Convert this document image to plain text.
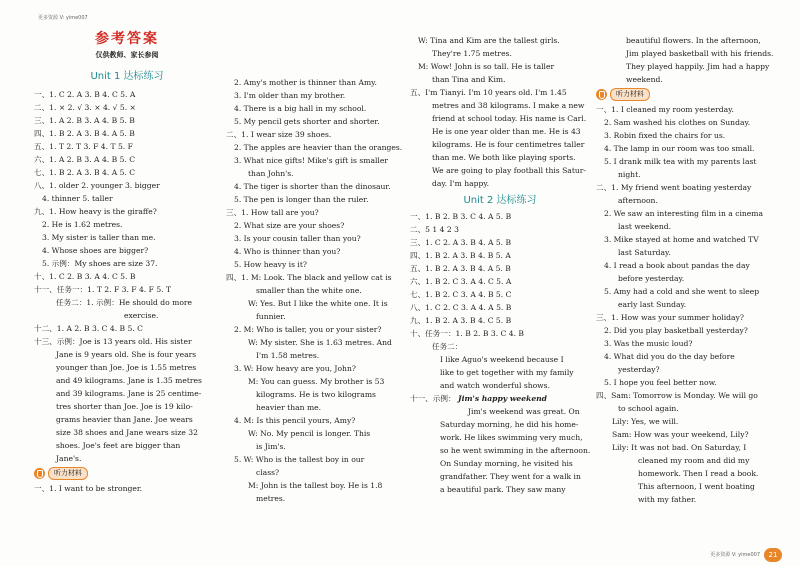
更多资源 V: yime007
参考答案
仅供教师、家长参阅
Unit 1 达标练习
一、1. C 2. A 3. B 4. C 5. A
二、1. × 2. √ 3. × 4. √ 5. ×
三、1. A 2. B 3. A 4. B 5. B
四、1. B 2. A 3. B 4. A 5. B
五、1. T 2. T 3. F 4. T 5. F
六、1. A 2. B 3. A 4. B 5. C
七、1. B 2. A 3. B 4. A 5. C
八、1. older 2. younger 3. bigger
4. thinner 5. taller
九、1. How heavy is the giraffe?
2. He is 1.62 metres.
3. My sister is taller than me.
4. Whose shoes are bigger?
5. 示例：My shoes are size 37.
十、1. C 2. B 3. A 4. C 5. B
十一、任务一：1. T 2. F 3. F 4. F 5. T
任务二：1. 示例：He should do more
exercise.
十二、1. A 2. B 3. C 4. B 5. C
十三、示例：Joe is 13 years old. His sister
Jane is 9 years old. She is four years
younger than Joe. Joe is 1.55 metres
and 49 kilograms. Jane is 1.35 metres
and 39 kilograms. Jane is 25 centime-
tres shorter than Joe. Joe is 19 kilo-
grams heavier than Jane. Joe wears
size 38 shoes and Jane wears size 32
shoes. Joe's feet are bigger than
Jane's.
听力材料
一、1. I want to be stronger.
2. Amy's mother is thinner than Amy.
3. I'm older than my brother.
4. There is a big hall in my school.
5. My pencil gets shorter and shorter.
二、1. I wear size 39 shoes.
2. The apples are heavier than the oranges.
3. What nice gifts! Mike's gift is smaller
than John's.
4. The tiger is shorter than the dinosaur.
5. The pen is longer than the ruler.
三、1. How tall are you?
2. What size are your shoes?
3. Is your cousin taller than you?
4. Who is thinner than you?
5. How heavy is it?
四、1. M: Look. The black and yellow cat is
smaller than the white one.
W: Yes. But I like the white one. It is
funnier.
2. M: Who is taller, you or your sister?
W: My sister. She is 1.63 metres. And
I'm 1.58 metres.
3. W: How heavy are you, John?
M: You can guess. My brother is 53
kilograms. He is two kilograms
heavier than me.
4. M: Is this pencil yours, Amy?
W: No. My pencil is longer. This
is Jim's.
5. W: Who is the tallest boy in our
class?
M: John is the tallest boy. He is 1.8
metres.
W: Tina and Kim are the tallest girls.
They're 1.75 metres.
M: Wow! John is so tall. He is taller
than Tina and Kim.
五、I'm Tianyi. I'm 10 years old. I'm 1.45
metres and 38 kilograms. I make a new
friend at school today. His name is Carl.
He is one year older than me. He is 43
kilograms. He is four centimetres taller
than me. We both like playing sports.
We are going to play football this Satur-
day. I'm happy.
Unit 2 达标练习
一、1. B 2. B 3. C 4. A 5. B
二、5 1 4 2 3
三、1. C 2. A 3. B 4. A 5. B
四、1. B 2. A 3. B 4. B 5. A
五、1. B 2. A 3. B 4. A 5. B
六、1. B 2. C 3. A 4. C 5. A
七、1. B 2. C 3. A 4. B 5. C
八、1. C 2. C 3. A 4. A 5. B
九、1. B 2. A 3. B 4. C 5. B
十、任务一：1. B 2. B 3. C 4. B
任务二：
I like Aguo's weekend because I
like to get together with my family
and watch wonderful shows.
十一、示例： Jim's happy weekend
Jim's weekend was great. On
Saturday morning, he did his home-
work. He likes swimming very much,
so he went swimming in the afternoon.
On Sunday morning, he visited his
grandfather. They went for a walk in
a beautiful park. They saw many
beautiful flowers. In the afternoon,
Jim played basketball with his friends.
They played happily. Jim had a happy
weekend.
听力材料
一、1. I cleaned my room yesterday.
2. Sam washed his clothes on Sunday.
3. Robin fixed the chairs for us.
4. The lamp in our room was too small.
5. I drank milk tea with my parents last
night.
二、1. My friend went boating yesterday
afternoon.
2. We saw an interesting film in a cinema
last weekend.
3. Mike stayed at home and watched TV
last Saturday.
4. I read a book about pandas the day
before yesterday.
5. Amy had a cold and she went to sleep
early last Sunday.
三、1. How was your summer holiday?
2. Did you play basketball yesterday?
3. Was the music loud?
4. What did you do the day before
yesterday?
5. I hope you feel better now.
四、Sam: Tomorrow is Monday. We will go
to school again.
Lily: Yes, we will.
Sam: How was your weekend, Lily?
Lily: It was not bad. On Saturday, I
cleaned my room and did my
homework. Then I read a book.
This afternoon, I went boating
with my father.
更多资源 V: yime007	21
